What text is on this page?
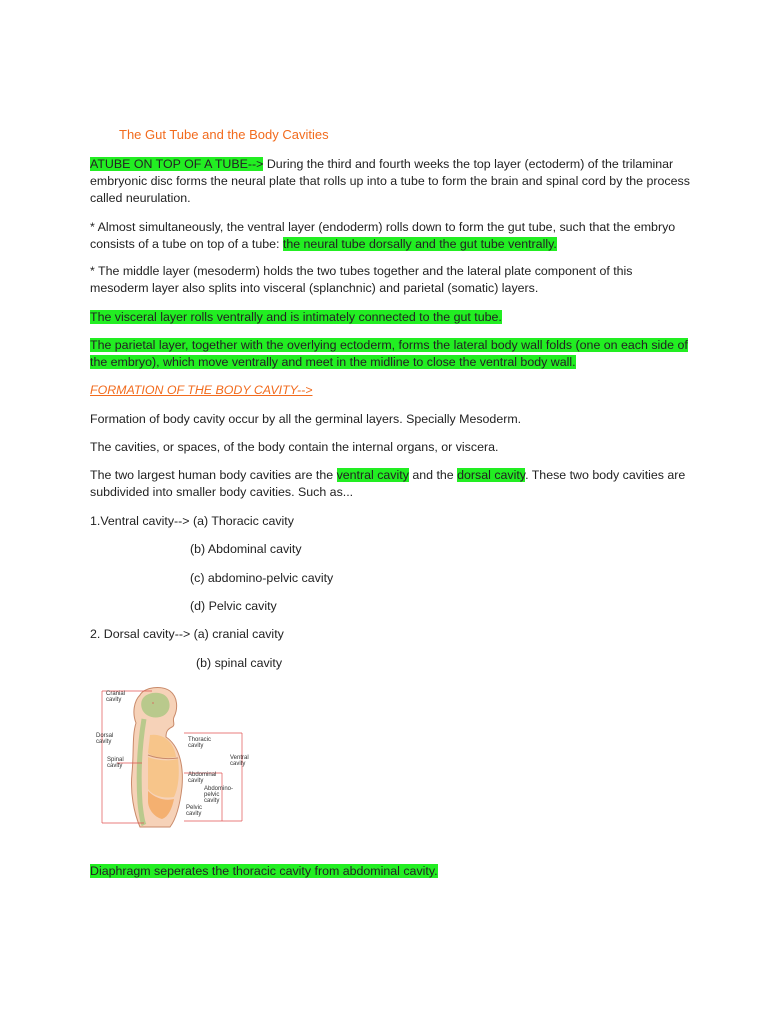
The Gut Tube and the Body Cavities

ATUBE ON TOP OF A TUBE--> During the third and fourth weeks the top layer (ectoderm) of the trilaminar embryonic disc forms the neural plate that rolls up into a tube to form the brain and spinal cord by the process called neurulation.

* Almost simultaneously, the ventral layer (endoderm) rolls down to form the gut tube, such that the embryo consists of a tube on top of a tube: the neural tube dorsally and the gut tube ventrally.

* The middle layer (mesoderm) holds the two tubes together and the lateral plate component of this mesoderm layer also splits into visceral (splanchnic) and parietal (somatic) layers.

The visceral layer rolls ventrally and is intimately connected to the gut tube.

The parietal layer, together with the overlying ectoderm, forms the lateral body wall folds (one on each side of the embryo), which move ventrally and meet in the midline to close the ventral body wall.

FORMATION OF THE BODY CAVITY-->

Formation of body cavity occur by all the germinal layers. Specially Mesoderm.

The cavities, or spaces, of the body contain the internal organs, or viscera.

The two largest human body cavities are the ventral cavity and the dorsal cavity. These two body cavities are subdivided into smaller body cavities. Such as...

1.Ventral cavity--> (a) Thoracic cavity
(b) Abdominal cavity
(c) abdomino-pelvic cavity
(d) Pelvic cavity
2. Dorsal cavity--> (a) cranial cavity
(b) spinal cavity
Cranial
cavity
Dorsal
cavity
Spinal
cavity
Thoracic
cavity
Ventral
cavity
Abdominal
cavity
Abdomino-
pelvic
cavity
Pelvic
cavity

Diaphragm seperates the thoracic cavity from abdominal cavity.
